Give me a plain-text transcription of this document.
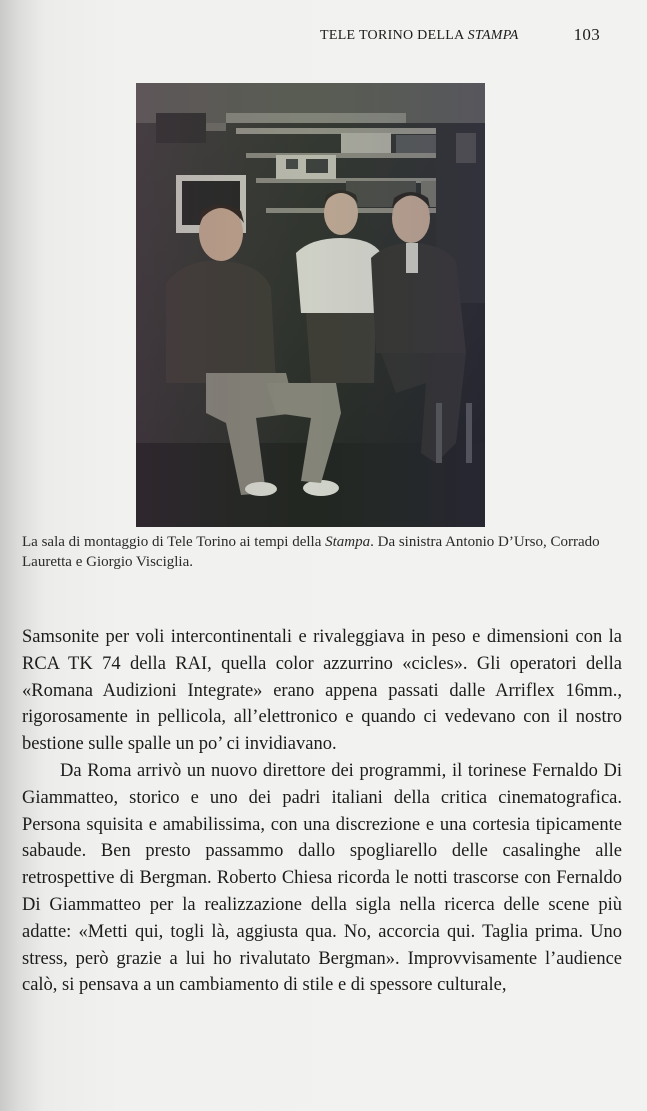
TELE TORINO DELLA STAMPA	103
La sala di montaggio di Tele Torino ai tempi della Stampa. Da sinistra Antonio D’Urso, Corrado Lauretta e Giorgio Visciglia.

Samsonite per voli intercontinentali e rivaleggiava in peso e dimensioni con la RCA TK 74 della RAI, quella color azzurrino «cicles». Gli operatori della «Romana Audizioni Integrate» erano appena passati dalle Arriflex 16mm., rigorosamente in pellicola, all’elettronico e quando ci vedevano con il nostro bestione sulle spalle un po’ ci invidiavano.

Da Roma arrivò un nuovo direttore dei programmi, il torinese Fernaldo Di Giammatteo, storico e uno dei padri italiani della critica cinematografica. Persona squisita e amabilissima, con una discrezione e una cortesia tipicamente sabaude. Ben presto passammo dallo spogliarello delle casalinghe alle retrospettive di Bergman. Roberto Chiesa ricorda le notti trascorse con Fernaldo Di Giammatteo per la realizzazione della sigla nella ricerca delle scene più adatte: «Metti qui, togli là, aggiusta qua. No, accorcia qui. Taglia prima. Uno stress, però grazie a lui ho rivalutato Bergman». Improvvisamente l’audience calò, si pensava a un cambiamento di stile e di spessore culturale,
